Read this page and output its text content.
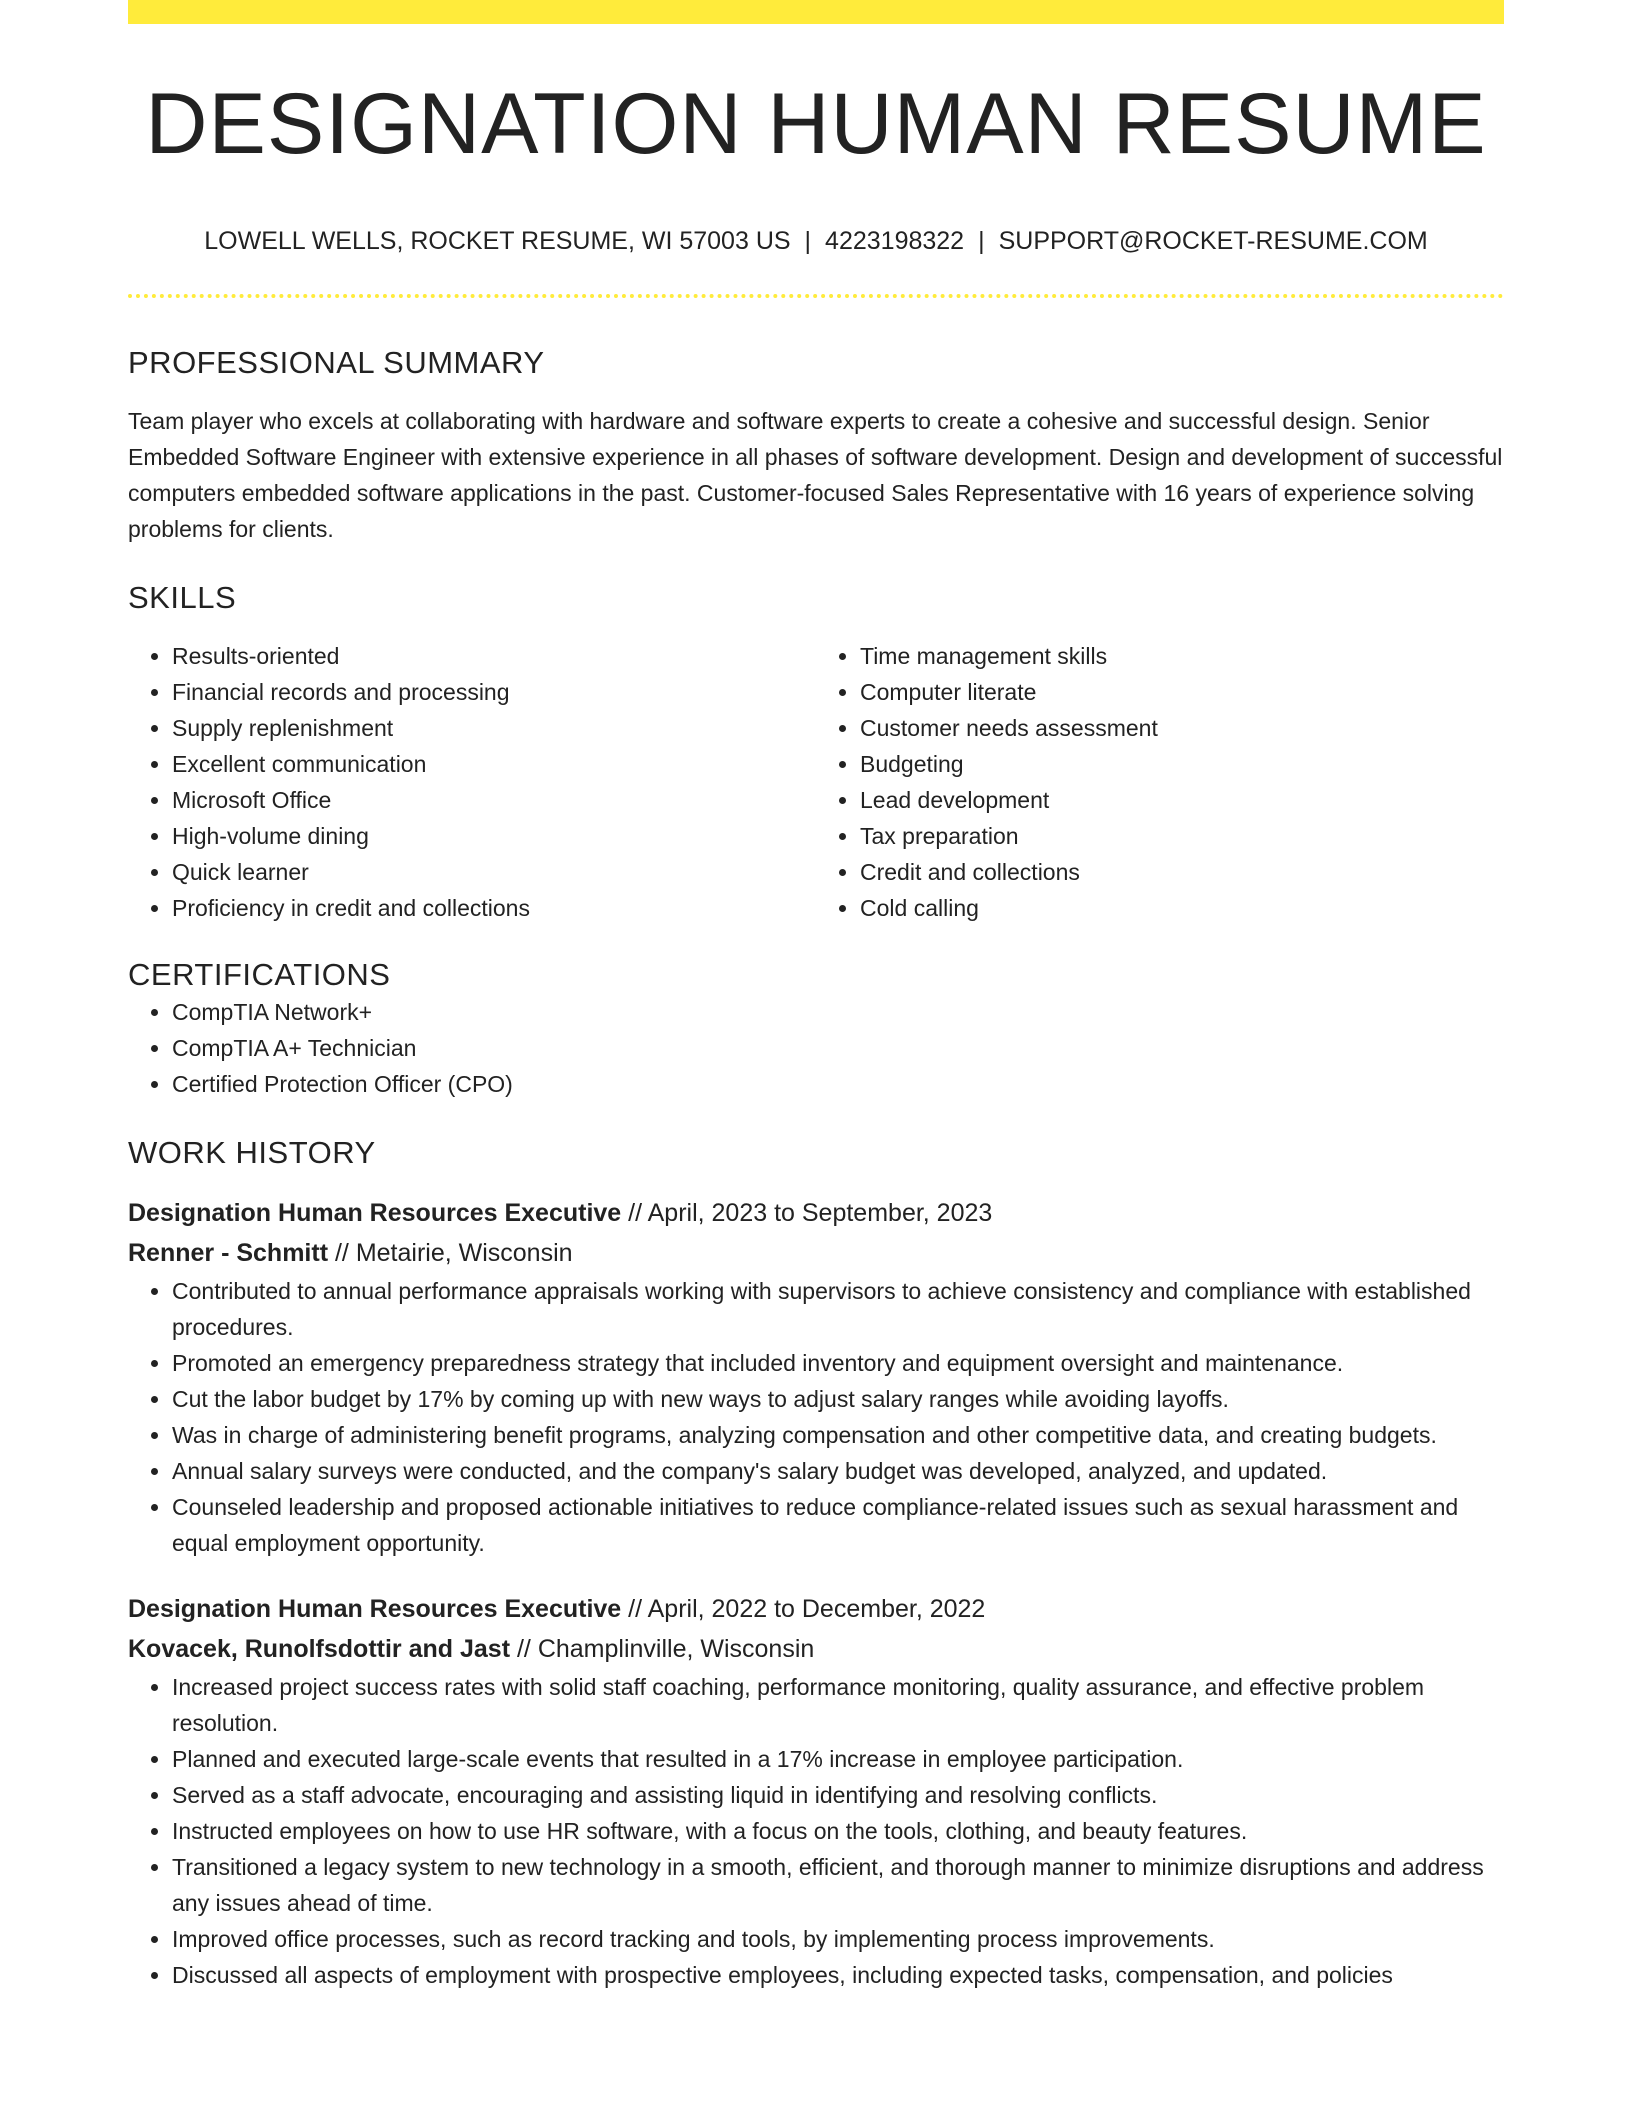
DESIGNATION HUMAN RESUME
LOWELL WELLS, ROCKET RESUME, WI 57003 US | 4223198322 | SUPPORT@ROCKET-RESUME.COM
PROFESSIONAL SUMMARY
Team player who excels at collaborating with hardware and software experts to create a cohesive and successful design. Senior Embedded Software Engineer with extensive experience in all phases of software development. Design and development of successful computers embedded software applications in the past. Customer-focused Sales Representative with 16 years of experience solving problems for clients.
SKILLS
• Results-oriented
• Financial records and processing
• Supply replenishment
• Excellent communication
• Microsoft Office
• High-volume dining
• Quick learner
• Proficiency in credit and collections
• Time management skills
• Computer literate
• Customer needs assessment
• Budgeting
• Lead development
• Tax preparation
• Credit and collections
• Cold calling
CERTIFICATIONS
• CompTIA Network+
• CompTIA A+ Technician
• Certified Protection Officer (CPO)
WORK HISTORY
Designation Human Resources Executive // April, 2023 to September, 2023
Renner - Schmitt // Metairie, Wisconsin
• Contributed to annual performance appraisals working with supervisors to achieve consistency and compliance with established procedures.
• Promoted an emergency preparedness strategy that included inventory and equipment oversight and maintenance.
• Cut the labor budget by 17% by coming up with new ways to adjust salary ranges while avoiding layoffs.
• Was in charge of administering benefit programs, analyzing compensation and other competitive data, and creating budgets.
• Annual salary surveys were conducted, and the company's salary budget was developed, analyzed, and updated.
• Counseled leadership and proposed actionable initiatives to reduce compliance-related issues such as sexual harassment and equal employment opportunity.
Designation Human Resources Executive // April, 2022 to December, 2022
Kovacek, Runolfsdottir and Jast // Champlinville, Wisconsin
• Increased project success rates with solid staff coaching, performance monitoring, quality assurance, and effective problem resolution.
• Planned and executed large-scale events that resulted in a 17% increase in employee participation.
• Served as a staff advocate, encouraging and assisting liquid in identifying and resolving conflicts.
• Instructed employees on how to use HR software, with a focus on the tools, clothing, and beauty features.
• Transitioned a legacy system to new technology in a smooth, efficient, and thorough manner to minimize disruptions and address any issues ahead of time.
• Improved office processes, such as record tracking and tools, by implementing process improvements.
• Discussed all aspects of employment with prospective employees, including expected tasks, compensation, and policies
